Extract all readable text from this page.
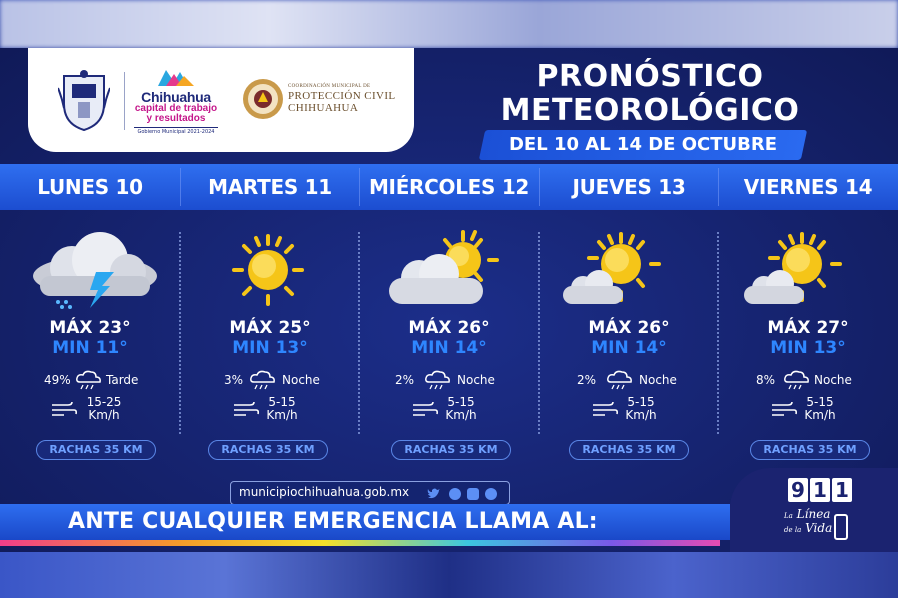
Chihuahua
capital de trabajo
y resultados
Gobierno Municipal 2021-2024
COORDINACIÓN MUNICIPAL DE
PROTECCIÓN CIVIL
CHIHUAHUA
PRONÓSTICO
METEOROLÓGICO
DEL 10 AL 14 DE OCTUBRE
LUNES 10	MARTES 11	MIÉRCOLES 12	JUEVES 13	VIERNES 14
MÁX 23°
MIN 11°
49%	Tarde
15-25
Km/h
RACHAS 35 KM
MÁX 25°
MIN 13°
3%	Noche
5-15
Km/h
RACHAS 35 KM
MÁX 26°
MIN 14°
2%	Noche
5-15
Km/h
RACHAS 35 KM
MÁX 26°
MIN 14°
2%	Noche
5-15
Km/h
RACHAS 35 KM
MÁX 27°
MIN 13°
8%	Noche
5-15
Km/h
RACHAS 35 KM
municipiochihuahua.gob.mx
ANTE CUALQUIER EMERGENCIA LLAMA AL:
9 1 1
La Línea
de la Vida
